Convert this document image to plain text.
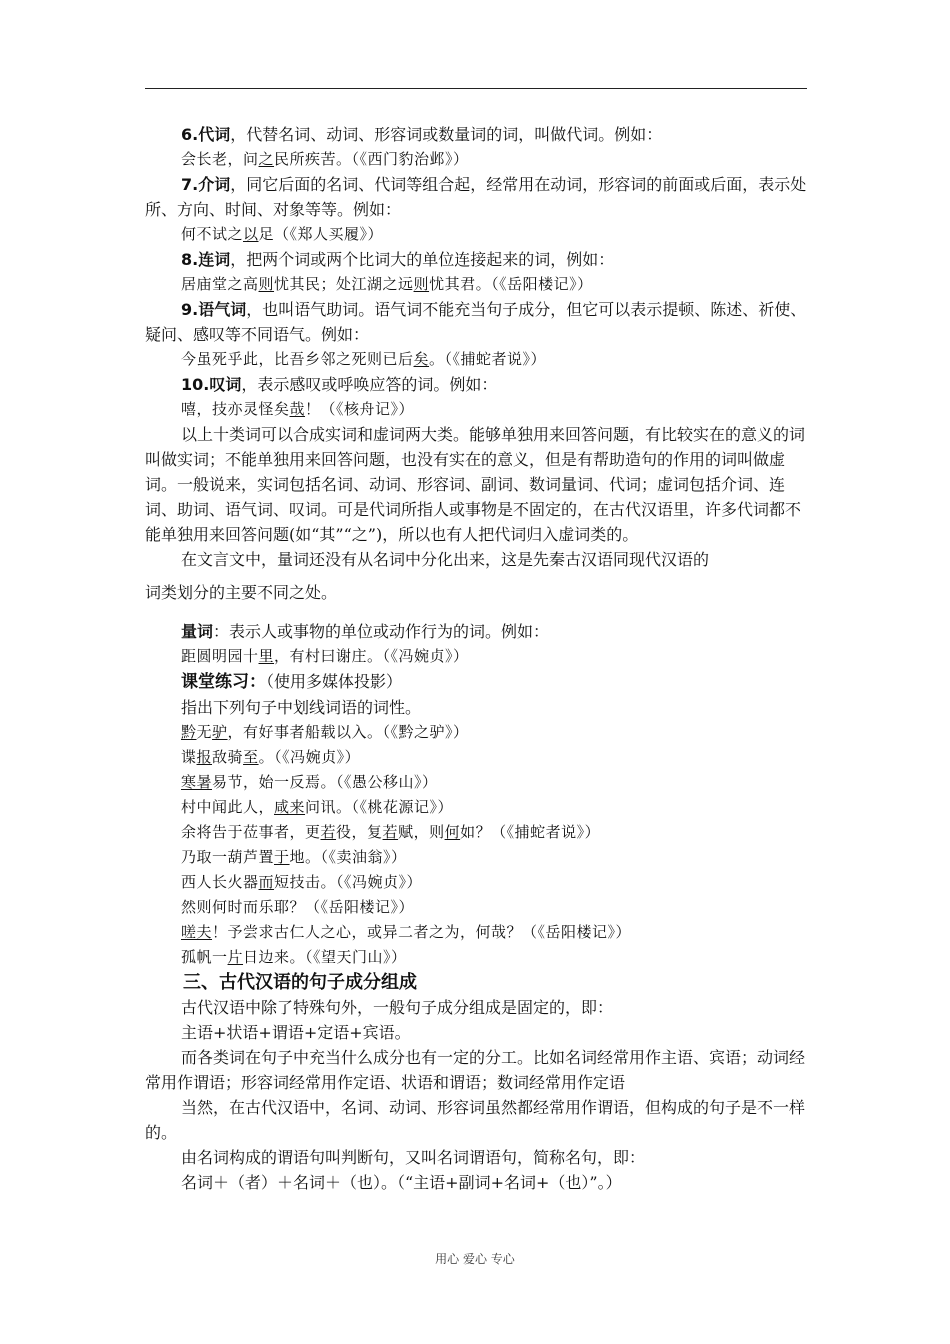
6.代词，代替名词、动词、形容词或数量词的词，叫做代词。例如：

会长老，问之民所疾苦。（《西门豹治邺》）

7.介词，同它后面的名词、代词等组合起，经常用在动词，形容词的前面或后面，表示处所、方向、时间、对象等等。例如：

何不试之以足（《郑人买履》）

8.连词，把两个词或两个比词大的单位连接起来的词，例如：

居庙堂之高则忧其民；处江湖之远则忧其君。（《岳阳楼记》）

9.语气词，也叫语气助词。语气词不能充当句子成分，但它可以表示提顿、陈述、祈使、疑问、感叹等不同语气。例如：

今虽死乎此，比吾乡邻之死则已后矣。（《捕蛇者说》）

10.叹词，表示感叹或呼唤应答的词。例如：

嘻，技亦灵怪矣哉！（《核舟记》）

以上十类词可以合成实词和虚词两大类。能够单独用来回答问题，有比较实在的意义的词叫做实词；不能单独用来回答问题，也没有实在的意义，但是有帮助造句的作用的词叫做虚词。一般说来，实词包括名词、动词、形容词、副词、数词量词、代词；虚词包括介词、连词、助词、语气词、叹词。可是代词所指人或事物是不固定的，在古代汉语里，许多代词都不能单独用来回答问题(如“其”“之”)，所以也有人把代词归入虚词类的。

在文言文中，量词还没有从名词中分化出来，这是先秦古汉语同现代汉语的

词类划分的主要不同之处。

量词：表示人或事物的单位或动作行为的词。例如：

距圆明园十里，有村曰谢庄。（《冯婉贞》）

课堂练习：（使用多媒体投影）

指出下列句子中划线词语的词性。

黔无驴，有好事者船载以入。（《黔之驴》）

谍报敌骑至。（《冯婉贞》）

寒暑易节，始一反焉。（《愚公移山》）

村中闻此人，咸来问讯。（《桃花源记》）

余将告于莅事者，更若役，复若赋，则何如？（《捕蛇者说》）

乃取一葫芦置于地。（《卖油翁》）

西人长火器而短技击。（《冯婉贞》）

然则何时而乐耶？（《岳阳楼记》）

嗟夫！予尝求古仁人之心，或异二者之为，何哉？（《岳阳楼记》）

孤帆一片日边来。（《望天门山》）

三、古代汉语的句子成分组成

古代汉语中除了特殊句外，一般句子成分组成是固定的，即：

主语+状语+谓语+定语+宾语。

而各类词在句子中充当什么成分也有一定的分工。比如名词经常用作主语、宾语；动词经常用作谓语；形容词经常用作定语、状语和谓语；数词经常用作定语

当然，在古代汉语中，名词、动词、形容词虽然都经常用作谓语，但构成的句子是不一样的。

由名词构成的谓语句叫判断句，又叫名词谓语句，简称名句，即：

名词＋（者）＋名词＋（也）。（“主语+副词+名词+（也）”。）

用心 爱心 专心
